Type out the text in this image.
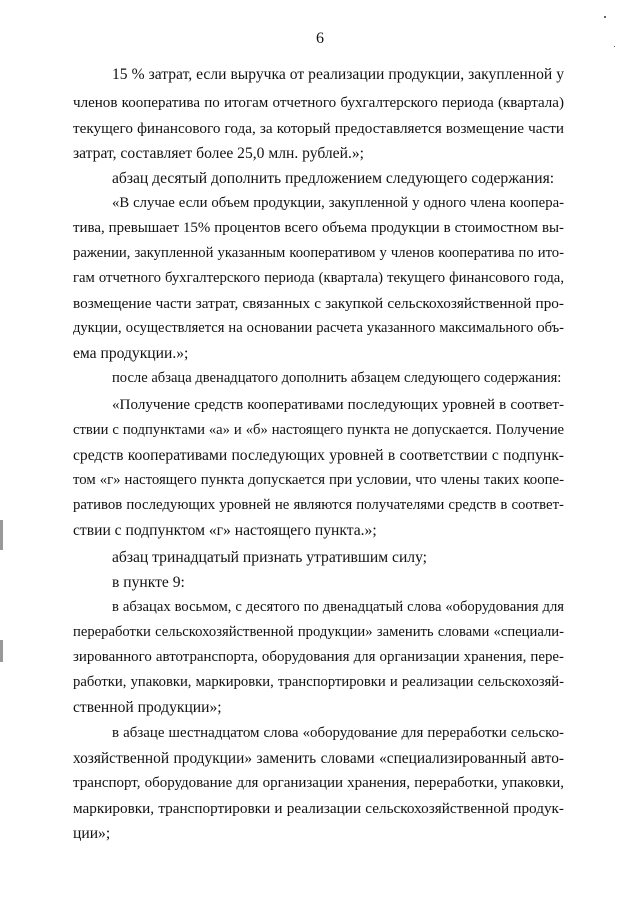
6
15 % затрат, если выручка от реализации продукции, закупленной у
членов кооператива по итогам отчетного бухгалтерского периода (квартала)
текущего финансового года, за который предоставляется возмещение части
затрат, составляет более 25,0 млн. рублей.»;
абзац десятый дополнить предложением следующего содержания:
«В случае если объем продукции, закупленной у одного члена коопера-
тива, превышает 15% процентов всего объема продукции в стоимостном вы-
ражении, закупленной указанным кооперативом у членов кооператива по ито-
гам отчетного бухгалтерского периода (квартала) текущего финансового года,
возмещение части затрат, связанных с закупкой сельскохозяйственной про-
дукции, осуществляется на основании расчета указанного максимального объ-
ема продукции.»;
после абзаца двенадцатого дополнить абзацем следующего содержания:
«Получение средств кооперативами последующих уровней в соответ-
ствии с подпунктами «а» и «б» настоящего пункта не допускается. Получение
средств кооперативами последующих уровней в соответствии с подпунк-
том «г» настоящего пункта допускается при условии, что члены таких коопе-
ративов последующих уровней не являются получателями средств в соответ-
ствии с подпунктом «г» настоящего пункта.»;
абзац тринадцатый признать утратившим силу;
в пункте 9:
в абзацах восьмом, с десятого по двенадцатый слова «оборудования для
переработки сельскохозяйственной продукции» заменить словами «специали-
зированного автотранспорта, оборудования для организации хранения, пере-
работки, упаковки, маркировки, транспортировки и реализации сельскохозяй-
ственной продукции»;
в абзаце шестнадцатом слова «оборудование для переработки сельско-
хозяйственной продукции» заменить словами «специализированный авто-
транспорт, оборудование для организации хранения, переработки, упаковки,
маркировки, транспортировки и реализации сельскохозяйственной продук-
ции»;
